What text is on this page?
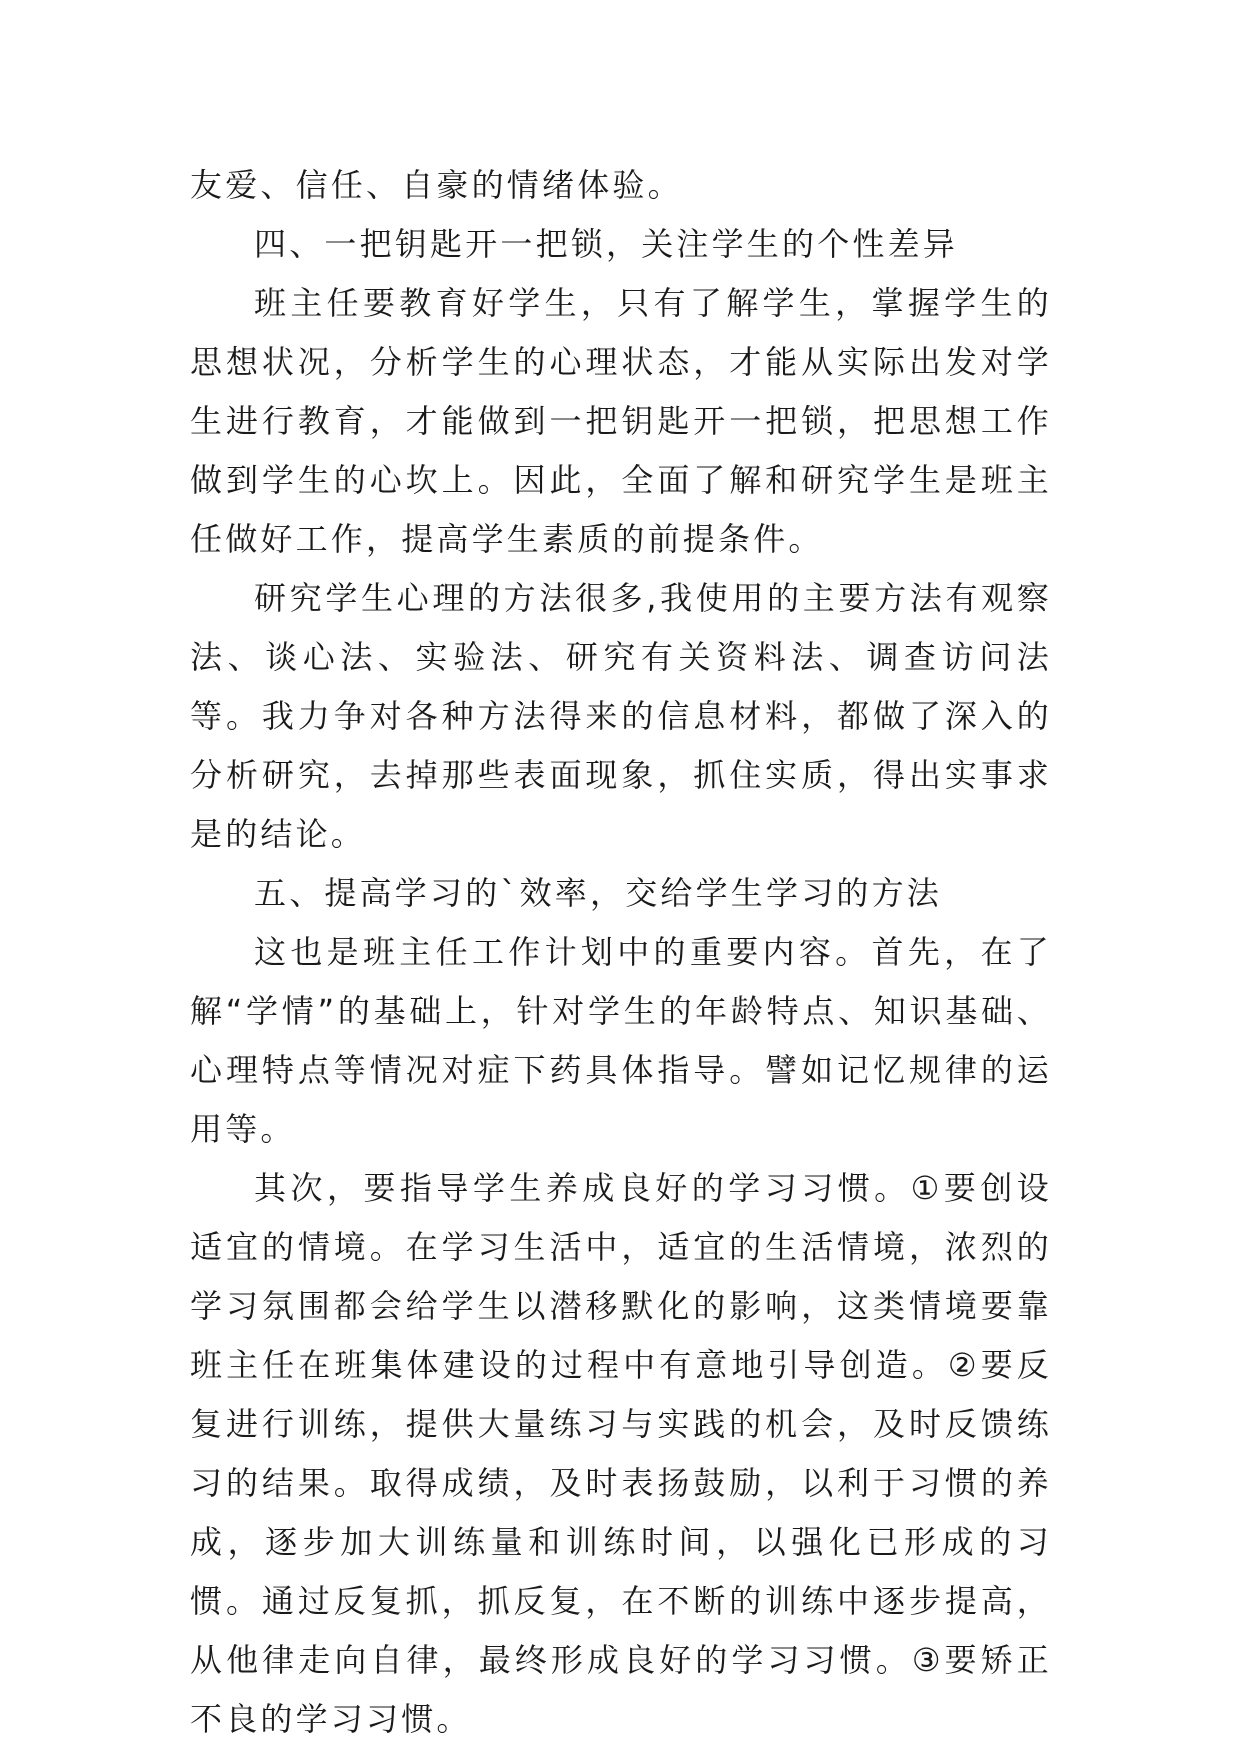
友爱、信任、自豪的情绪体验。

四、一把钥匙开一把锁，关注学生的个性差异

班主任要教育好学生，只有了解学生，掌握学生的思想状况，分析学生的心理状态，才能从实际出发对学生进行教育，才能做到一把钥匙开一把锁，把思想工作做到学生的心坎上。因此，全面了解和研究学生是班主任做好工作，提高学生素质的前提条件。

研究学生心理的方法很多,我使用的主要方法有观察法、谈心法、实验法、研究有关资料法、调查访问法等。我力争对各种方法得来的信息材料，都做了深入的分析研究，去掉那些表面现象，抓住实质，得出实事求是的结论。

五、提高学习的`效率，交给学生学习的方法

这也是班主任工作计划中的重要内容。首先，在了解“学情”的基础上，针对学生的年龄特点、知识基础、心理特点等情况对症下药具体指导。譬如记忆规律的运用等。

其次，要指导学生养成良好的学习习惯。①要创设适宜的情境。在学习生活中，适宜的生活情境，浓烈的学习氛围都会给学生以潜移默化的影响，这类情境要靠班主任在班集体建设的过程中有意地引导创造。②要反复进行训练，提供大量练习与实践的机会，及时反馈练习的结果。取得成绩，及时表扬鼓励，以利于习惯的养成，逐步加大训练量和训练时间，以强化已形成的习惯。通过反复抓，抓反复，在不断的训练中逐步提高，从他律走向自律，最终形成良好的学习习惯。③要矫正不良的学习习惯。
